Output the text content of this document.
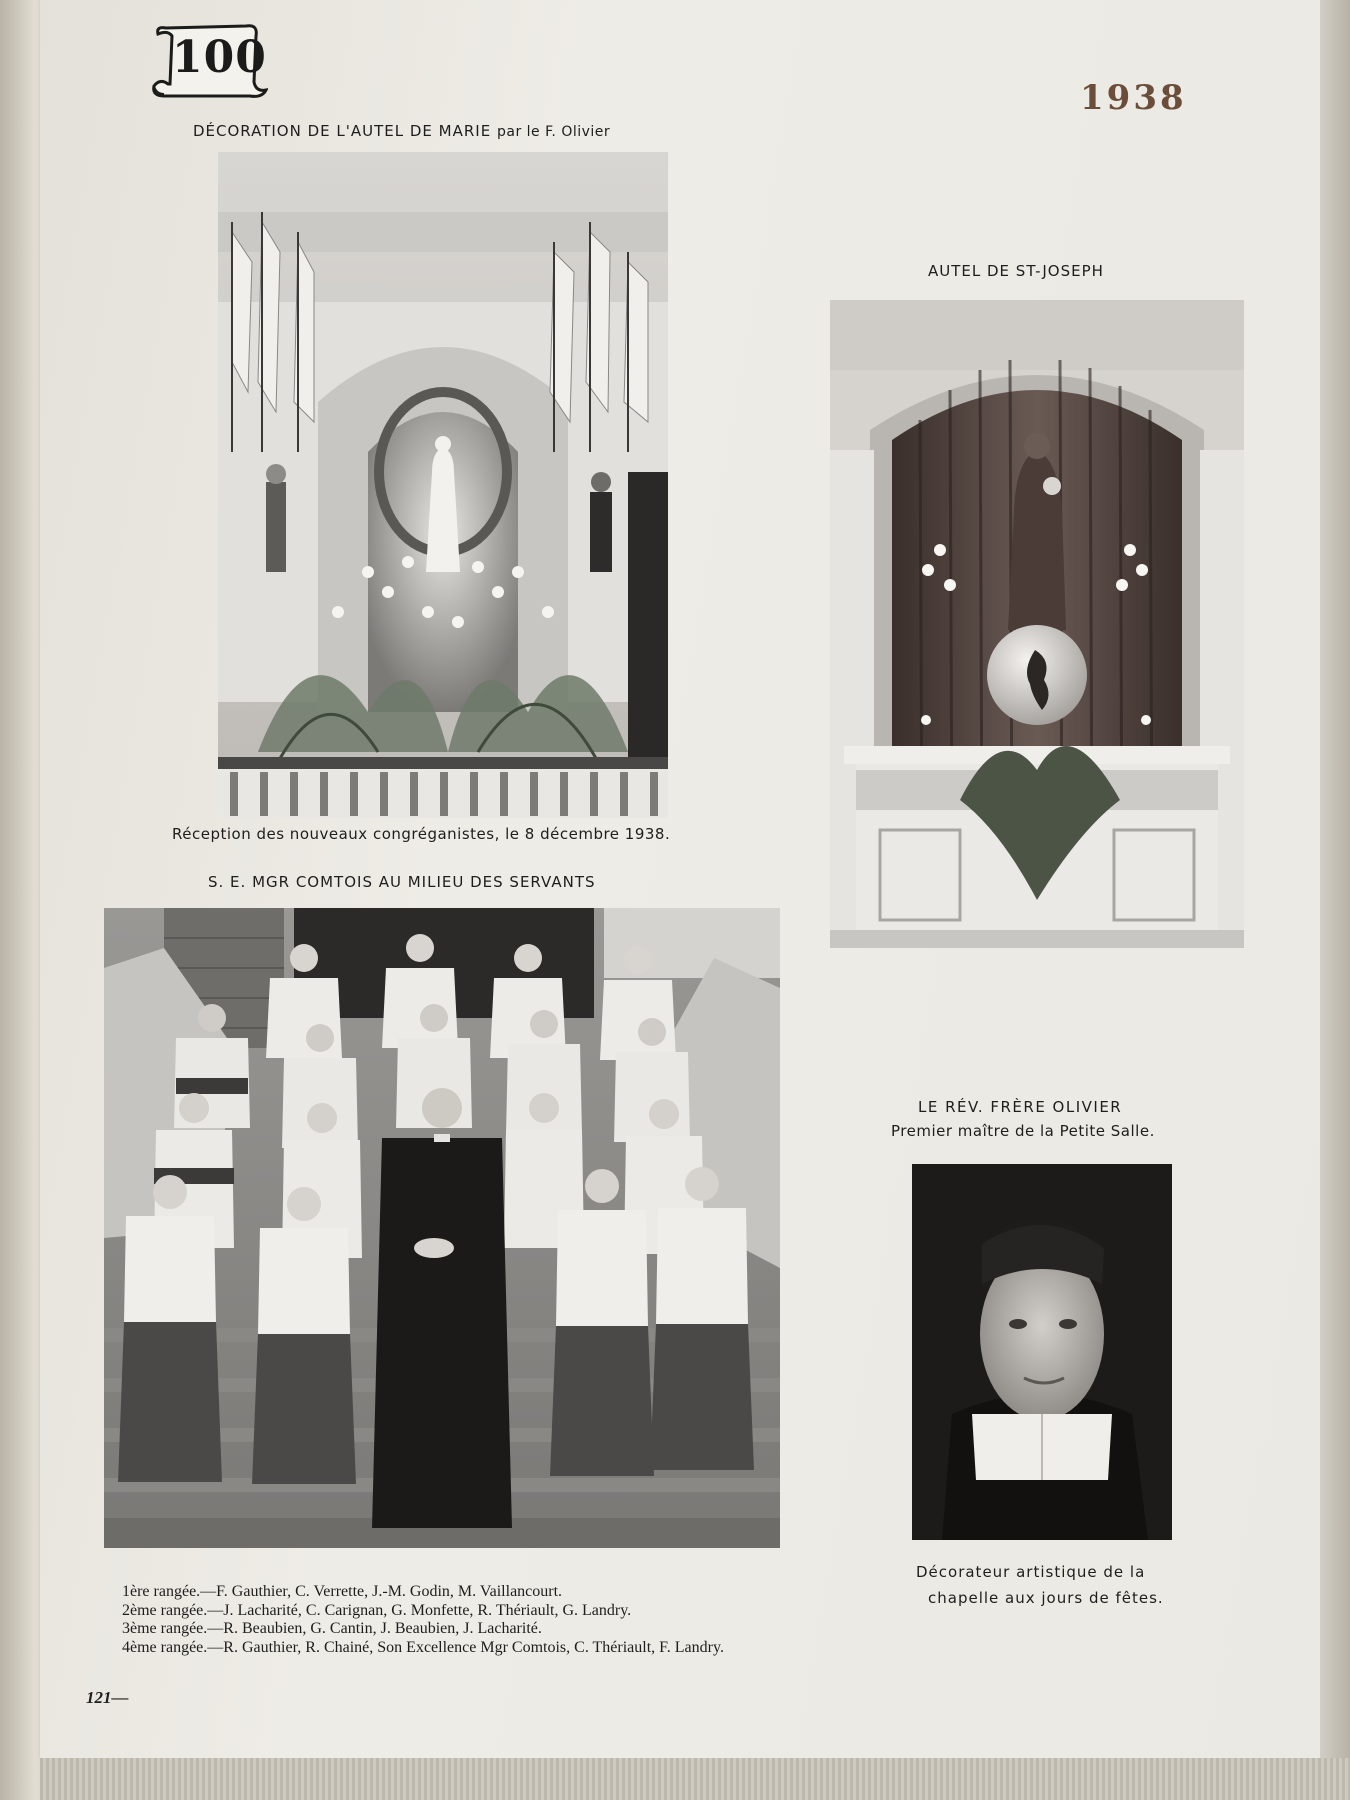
100
1938
DÉCORATION DE L'AUTEL DE MARIE par le F. Olivier
Réception des nouveaux congréganistes, le 8 décembre 1938.
AUTEL DE ST-JOSEPH
S. E. MGR COMTOIS AU MILIEU DES SERVANTS
1ère rangée.—F. Gauthier, C. Verrette, J.-M. Godin, M. Vaillancourt.
2ème rangée.—J. Lacharité, C. Carignan, G. Monfette, R. Thériault, G. Landry.
3ème rangée.—R. Beaubien, G. Cantin, J. Beaubien, J. Lacharité.
4ème rangée.—R. Gauthier, R. Chainé, Son Excellence Mgr Comtois, C. Thériault, F. Landry.
121—
LE RÉV. FRÈRE OLIVIER
Premier maître de la Petite Salle.
Décorateur artistique de la
chapelle aux jours de fêtes.
